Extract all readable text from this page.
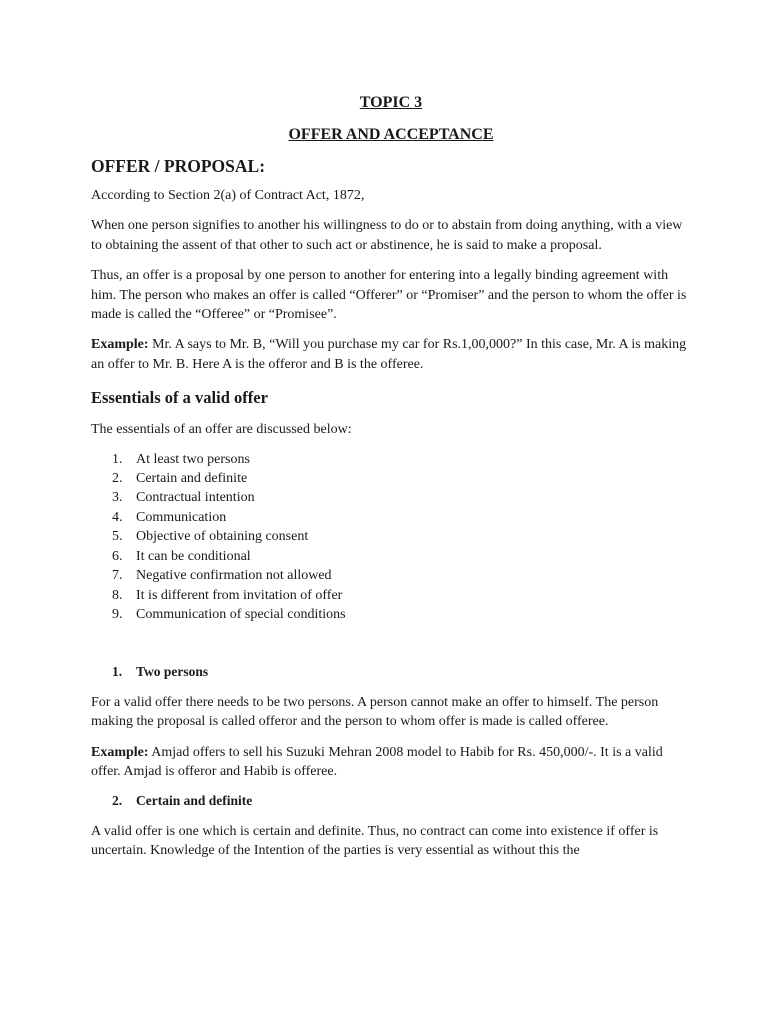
TOPIC 3

OFFER AND ACCEPTANCE

OFFER / PROPOSAL:

According to Section 2(a) of Contract Act, 1872,

When one person signifies to another his willingness to do or to abstain from doing anything, with a view to obtaining the assent of that other to such act or abstinence, he is said to make a proposal.

Thus, an offer is a proposal by one person to another for entering into a legally binding agreement with him. The person who makes an offer is called “Offerer” or “Promiser” and the person to whom the offer is made is called the “Offeree” or “Promisee”.

Example: Mr. A says to Mr. B, “Will you purchase my car for Rs.1,00,000?” In this case, Mr. A is making an offer to Mr. B. Here A is the offeror and B is the offeree.

Essentials of a valid offer

The essentials of an offer are discussed below:

1. At least two persons
2. Certain and definite
3. Contractual intention
4. Communication
5. Objective of obtaining consent
6. It can be conditional
7. Negative confirmation not allowed
8. It is different from invitation of offer
9. Communication of special conditions
1. Two persons

For a valid offer there needs to be two persons. A person cannot make an offer to himself. The person making the proposal is called offeror and the person to whom offer is made is called offeree.

Example: Amjad offers to sell his Suzuki Mehran 2008 model to Habib for Rs. 450,000/-. It is a valid offer. Amjad is offeror and Habib is offeree.

2. Certain and definite

A valid offer is one which is certain and definite. Thus, no contract can come into existence if offer is uncertain. Knowledge of the Intention of the parties is very essential as without this the
